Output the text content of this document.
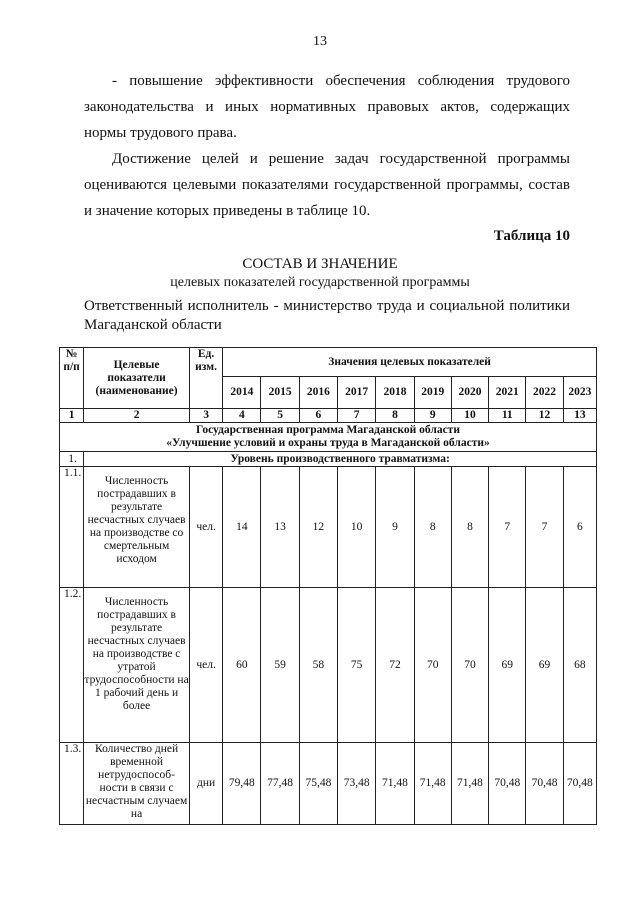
13
- повышение эффективности обеспечения соблюдения трудового
законодательства и иных нормативных правовых актов, содержащих
нормы трудового права.
Достижение целей и решение задач государственной программы
оцениваются целевыми показателями государственной программы, состав
и значение которых приведены в таблице 10.
Таблица 10
СОСТАВ И ЗНАЧЕНИЕ
целевых показателей государственной программы
Ответственный исполнитель - министерство труда и социальной политики
Магаданской области
№ п/п	Целевые показатели (наименование)	Ед. изм.	Значения целевых показателей									
			2014	2015	2016	2017	2018	2019	2020	2021	2022	2023
1	2	3	4	5	6	7	8	9	10	11	12	13

Государственная программа Магаданской области
«Улучшение условий и охраны труда в Магаданской области»												

1.	Уровень производственного травматизма:											
1.1.	Численность пострадавших в результате несчастных случаев на производстве со смертельным исходом	чел.	14	13	12	10	9	8	8	7	7	6
1.2.	Численность пострадавших в результате несчастных случаев на производстве с утратой трудоспособности на 1 рабочий день и более	чел.	60	59	58	75	72	70	70	69	69	68
1.3.	Количество дней временной нетрудоспособ-ности в связи с несчастным случаем на	дни	79,48	77,48	75,48	73,48	71,48	71,48	71,48	70,48	70,48	70,48
